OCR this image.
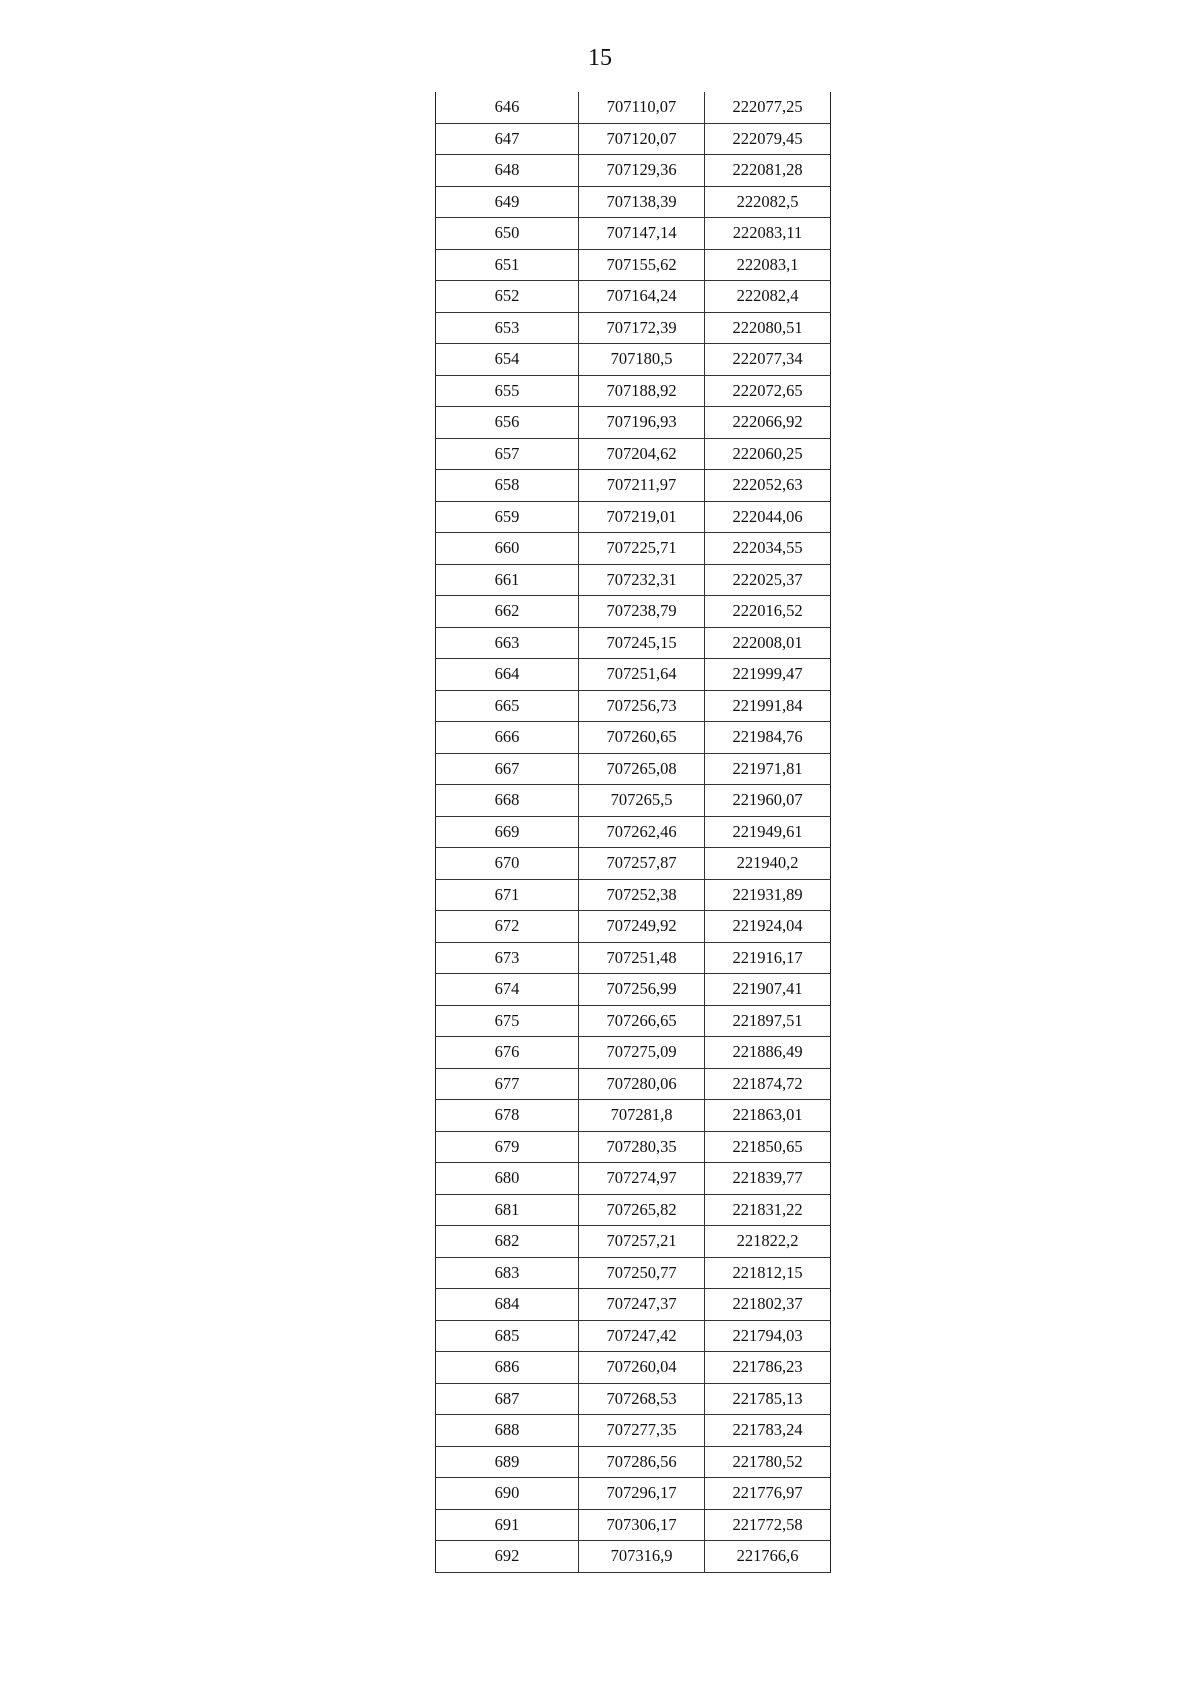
15
646	707110,07	222077,25
647	707120,07	222079,45
648	707129,36	222081,28
649	707138,39	222082,5
650	707147,14	222083,11
651	707155,62	222083,1
652	707164,24	222082,4
653	707172,39	222080,51
654	707180,5	222077,34
655	707188,92	222072,65
656	707196,93	222066,92
657	707204,62	222060,25
658	707211,97	222052,63
659	707219,01	222044,06
660	707225,71	222034,55
661	707232,31	222025,37
662	707238,79	222016,52
663	707245,15	222008,01
664	707251,64	221999,47
665	707256,73	221991,84
666	707260,65	221984,76
667	707265,08	221971,81
668	707265,5	221960,07
669	707262,46	221949,61
670	707257,87	221940,2
671	707252,38	221931,89
672	707249,92	221924,04
673	707251,48	221916,17
674	707256,99	221907,41
675	707266,65	221897,51
676	707275,09	221886,49
677	707280,06	221874,72
678	707281,8	221863,01
679	707280,35	221850,65
680	707274,97	221839,77
681	707265,82	221831,22
682	707257,21	221822,2
683	707250,77	221812,15
684	707247,37	221802,37
685	707247,42	221794,03
686	707260,04	221786,23
687	707268,53	221785,13
688	707277,35	221783,24
689	707286,56	221780,52
690	707296,17	221776,97
691	707306,17	221772,58
692	707316,9	221766,6
